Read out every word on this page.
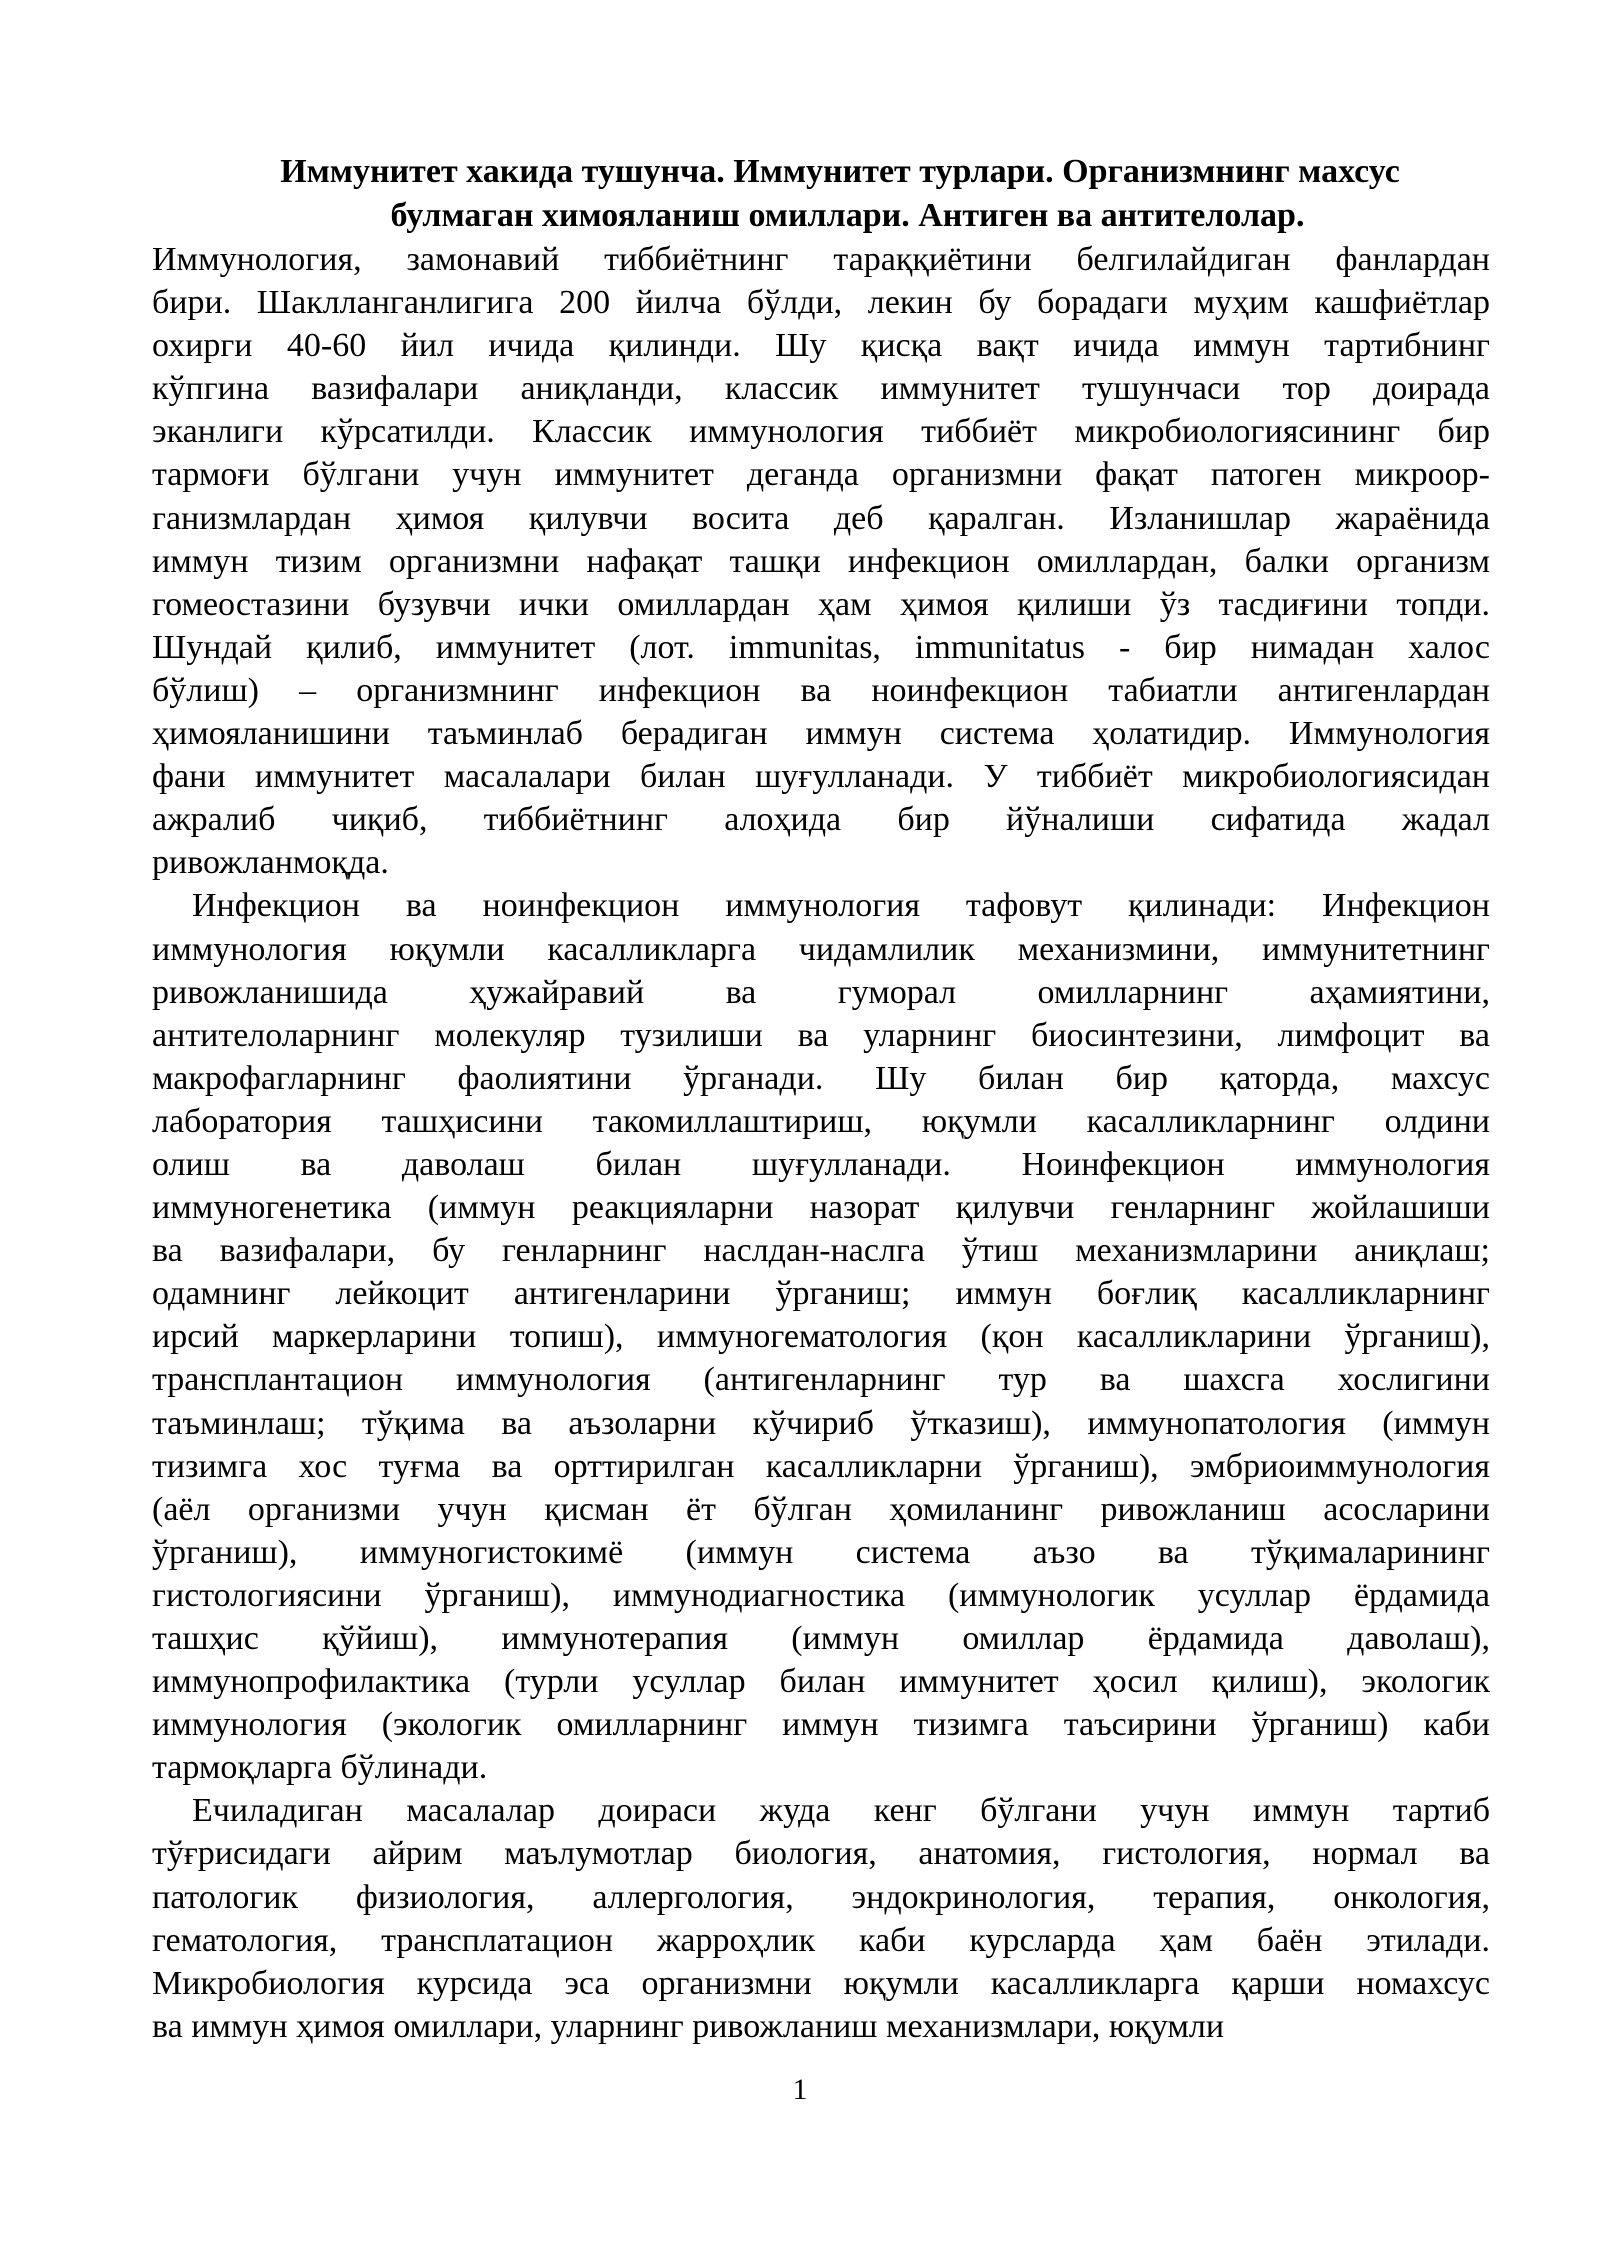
Иммунитет хакида тушунча. Иммунитет турлари. Организмнинг махсус
булмаган химояланиш омиллари. Антиген ва антителолар.
Иммунология, замонавий тиббиётнинг тараққиётини белгилайдиган фанлардан
бири. Шаклланганлигига 200 йилча бўлди, лекин бу борадаги муҳим кашфиётлар
охирги 40-60 йил ичида қилинди. Шу қисқа вақт ичида иммун тартибнинг
кўпгина вазифалари аниқланди, классик иммунитет тушунчаси тор доирада
эканлиги кўрсатилди. Классик иммунология тиббиёт микробиологиясининг бир
тармоғи бўлгани учун иммунитет деганда организмни фақат патоген микроор-
ганизмлардан ҳимоя қилувчи восита деб қаралган. Изланишлар жараёнида
иммун тизим организмни нафақат ташқи инфекцион омиллардан, балки организм
гомеостазини бузувчи ички омиллардан ҳам ҳимоя қилиши ўз тасдиғини топди.
Шундай қилиб, иммунитет (лот. immunitas, immunitatus - бир нимадан халос
бўлиш) – организмнинг инфекцион ва ноинфекцион табиатли антигенлардан
ҳимояланишини таъминлаб берадиган иммун система ҳолатидир. Иммунология
фани иммунитет масалалари билан шуғулланади. У тиббиёт микробиологиясидан
ажралиб чиқиб, тиббиётнинг алоҳида бир йўналиши сифатида жадал
ривожланмоқда.
Инфекцион ва ноинфекцион иммунология тафовут қилинади: Инфекцион
иммунология юқумли касалликларга чидамлилик механизмини, иммунитетнинг
ривожланишида ҳужайравий ва гуморал омилларнинг аҳамиятини,
антителоларнинг молекуляр тузилиши ва уларнинг биосинтезини, лимфоцит ва
макрофагларнинг фаолиятини ўрганади. Шу билан бир қаторда, махсус
лаборатория ташҳисини такомиллаштириш, юқумли касалликларнинг олдини
олиш ва даволаш билан шуғулланади. Ноинфекцион иммунология
иммуногенетика (иммун реакцияларни назорат қилувчи генларнинг жойлашиши
ва вазифалари, бу генларнинг наслдан-наслга ўтиш механизмларини аниқлаш;
одамнинг лейкоцит антигенларини ўрганиш; иммун боғлиқ касалликларнинг
ирсий маркерларини топиш), иммуногематология (қон касалликларини ўрганиш),
трансплантацион иммунология (антигенларнинг тур ва шахсга хослигини
таъминлаш; тўқима ва аъзоларни кўчириб ўтказиш), иммунопатология (иммун
тизимга хос туғма ва орттирилган касалликларни ўрганиш), эмбриоиммунология
(аёл организми учун қисман ёт бўлган ҳомиланинг ривожланиш асосларини
ўрганиш), иммуногистокимё (иммун система аъзо ва тўқималарининг
гистологиясини ўрганиш), иммунодиагностика (иммунологик усуллар ёрдамида
ташҳис қўйиш), иммунотерапия (иммун омиллар ёрдамида даволаш),
иммунопрофилактика (турли усуллар билан иммунитет ҳосил қилиш), экологик
иммунология (экологик омилларнинг иммун тизимга таъсирини ўрганиш) каби
тармоқларга бўлинади.
Ечиладиган масалалар доираси жуда кенг бўлгани учун иммун тартиб
тўғрисидаги айрим маълумотлар биология, анатомия, гистология, нормал ва
патологик физиология, аллергология, эндокринология, терапия, онкология,
гематология, трансплатацион жарроҳлик каби курсларда ҳам баён этилади.
Микробиология курсида эса организмни юқумли касалликларга қарши номахсус
ва иммун ҳимоя омиллари, уларнинг ривожланиш механизмлари, юқумли
1
